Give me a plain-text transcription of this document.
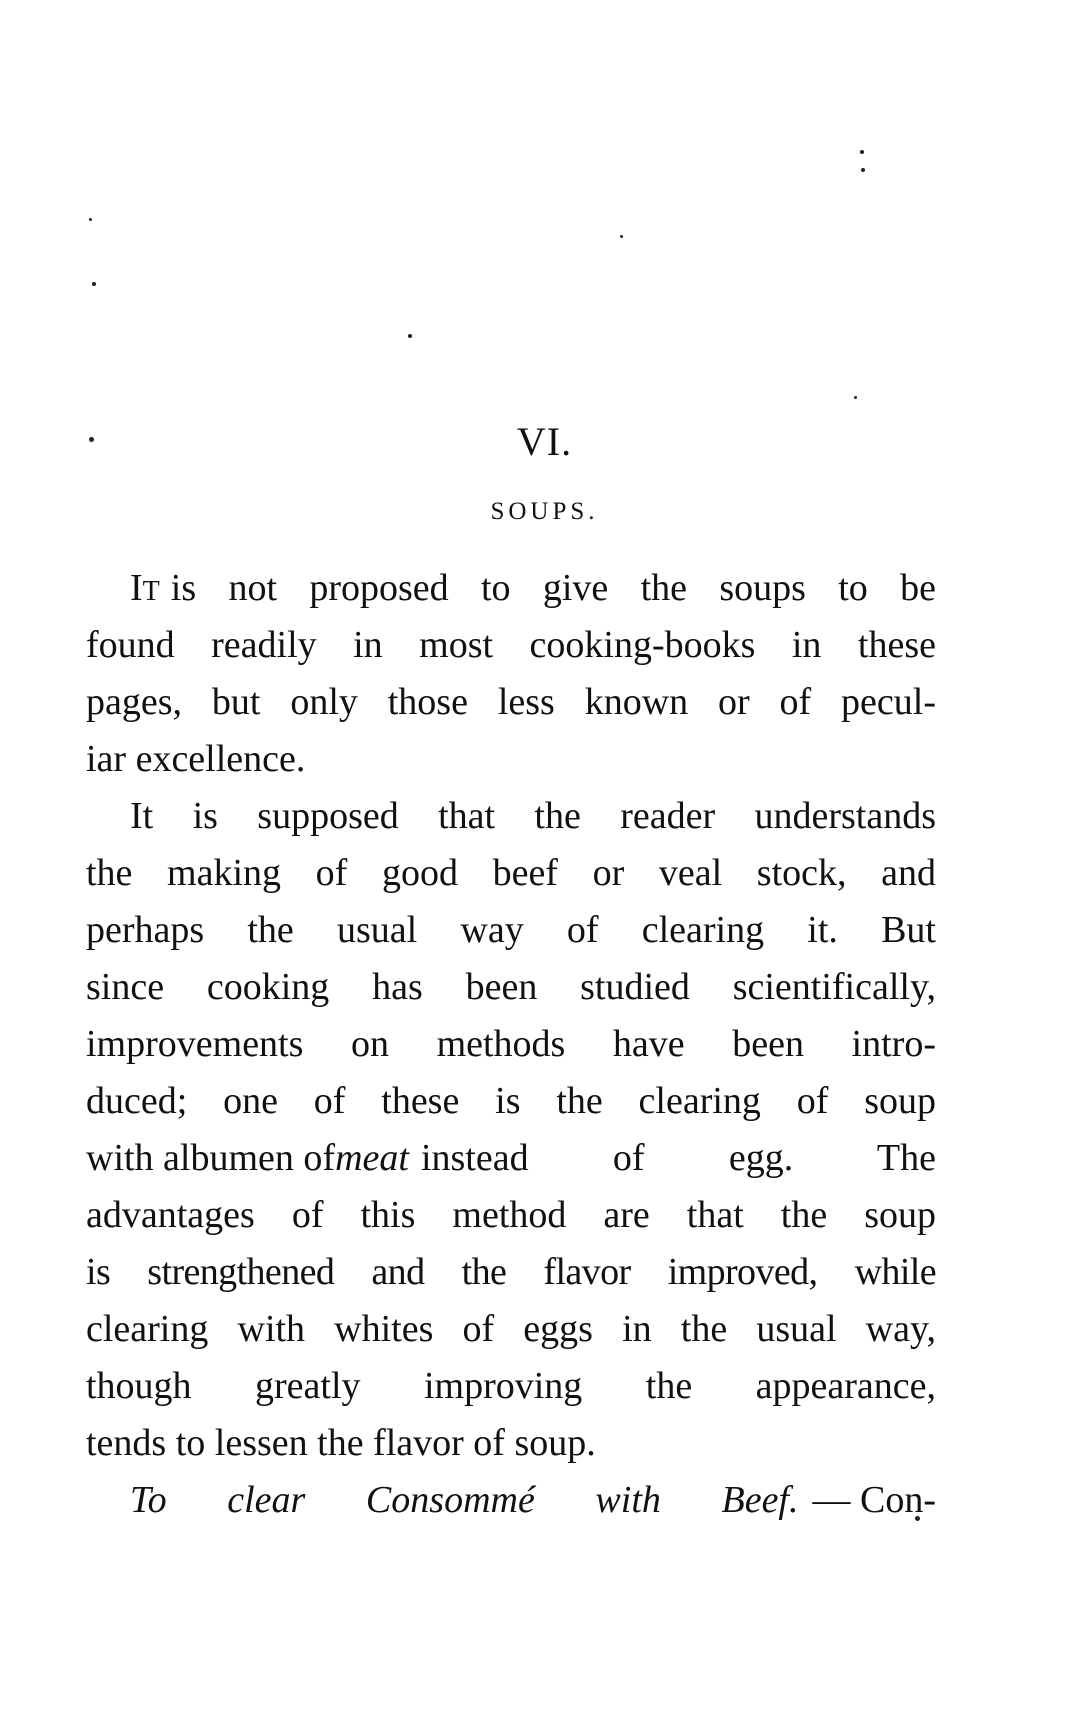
VI.
SOUPS.
IT is not proposed to give the soups to be
found readily in most cooking-books in these
pages, but only those less known or of pecul-
iar excellence.
It is supposed that the reader understands
the making of good beef or veal stock, and
perhaps the usual way of clearing it. But
since cooking has been studied scientifically,
improvements on methods have been intro-
duced; one of these is the clearing of soup
with albumen of meat instead of egg. The
advantages of this method are that the soup
is strengthened and the flavor improved, while
clearing with whites of eggs in the usual way,
though greatly improving the appearance,
tends to lessen the flavor of soup.
To clear Consommé with Beef. — Con-
